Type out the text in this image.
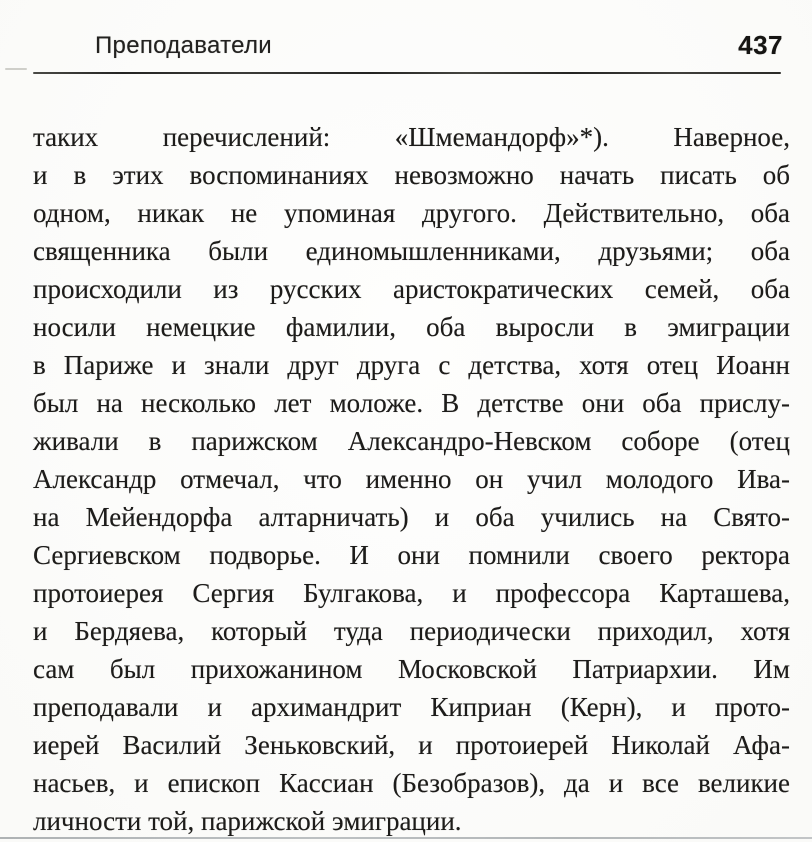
Преподаватели	437
таких перечислений: «Шмемандорф»*). Наверное,
и в этих воспоминаниях невозможно начать писать об
одном, никак не упоминая другого. Действительно, оба
священника были единомышленниками, друзьями; оба
происходили из русских аристократических семей, оба
носили немецкие фамилии, оба выросли в эмиграции
в Париже и знали друг друга с детства, хотя отец Иоанн
был на несколько лет моложе. В детстве они оба прислу-
живали в парижском Александро-Невском соборе (отец
Александр отмечал, что именно он учил молодого Ива-
на Мейендорфа алтарничать) и оба учились на Свято-
Сергиевском подворье. И они помнили своего ректора
протоиерея Сергия Булгакова, и профессора Карташева,
и Бердяева, который туда периодически приходил, хотя
сам был прихожанином Московской Патриархии. Им
преподавали и архимандрит Киприан (Керн), и прото-
иерей Василий Зеньковский, и протоиерей Николай Афа-
насьев, и епископ Кассиан (Безобразов), да и все великие
личности той, парижской эмиграции.
